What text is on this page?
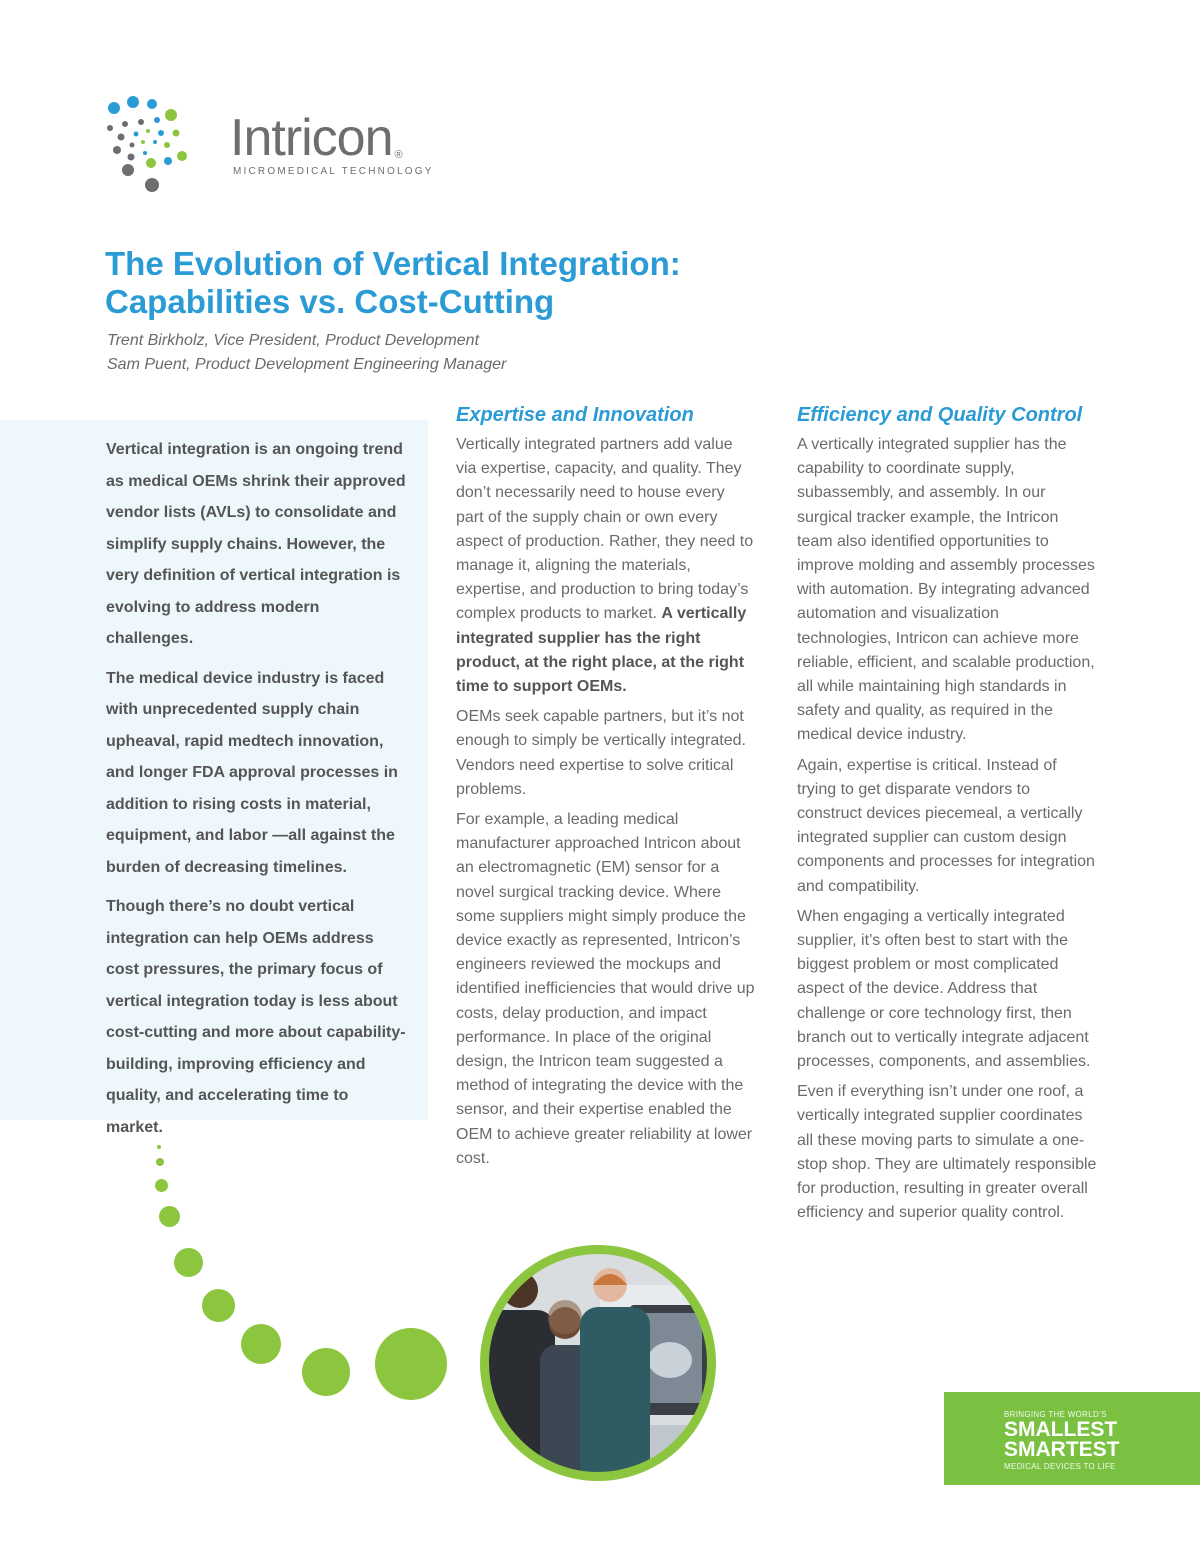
Intricon ®
MICROMEDICAL TECHNOLOGY
The Evolution of Vertical Integration:
Capabilities vs. Cost-Cutting
Trent Birkholz, Vice President, Product Development
Sam Puent, Product Development Engineering Manager

Vertical integration is an ongoing trend as medical OEMs shrink their approved vendor lists (AVLs) to consolidate and simplify supply chains. However, the very definition of vertical integration is evolving to address modern challenges.

The medical device industry is faced with unprecedented supply chain upheaval, rapid medtech innovation, and longer FDA approval processes in addition to rising costs in material, equipment, and labor —all against the burden of decreasing timelines.

Though there’s no doubt vertical integration can help OEMs address cost pressures, the primary focus of vertical integration today is less about cost-cutting and more about capability-building, improving efficiency and quality, and accelerating time to market.

Expertise and Innovation

Vertically integrated partners add value via expertise, capacity, and quality. They don’t necessarily need to house every part of the supply chain or own every aspect of production. Rather, they need to manage it, aligning the materials, expertise, and production to bring today’s complex products to market. A vertically integrated supplier has the right product, at the right place, at the right time to support OEMs.

OEMs seek capable partners, but it’s not enough to simply be vertically integrated. Vendors need expertise to solve critical problems.

For example, a leading medical manufacturer approached Intricon about an electromagnetic (EM) sensor for a novel surgical tracking device. Where some suppliers might simply produce the device exactly as represented, Intricon’s engineers reviewed the mockups and identified inefficiencies that would drive up costs, delay production, and impact performance. In place of the original design, the Intricon team suggested a method of integrating the device with the sensor, and their expertise enabled the OEM to achieve greater reliability at lower cost.

Efficiency and Quality Control

A vertically integrated supplier has the capability to coordinate supply, subassembly, and assembly. In our surgical tracker example, the Intricon team also identified opportunities to improve molding and assembly processes with automation. By integrating advanced automation and visualization technologies, Intricon can achieve more reliable, efficient, and scalable production, all while maintaining high standards in safety and quality, as required in the medical device industry.

Again, expertise is critical. Instead of trying to get disparate vendors to construct devices piecemeal, a vertically integrated supplier can custom design components and processes for integration and compatibility.

When engaging a vertically integrated supplier, it’s often best to start with the biggest problem or most complicated aspect of the device. Address that challenge or core technology first, then branch out to vertically integrate adjacent processes, components, and assemblies.

Even if everything isn’t under one roof, a vertically integrated supplier coordinates all these moving parts to simulate a one-stop shop. They are ultimately responsible for production, resulting in greater overall efficiency and superior quality control.

BRINGING THE WORLD’S
SMALLEST
SMARTEST
MEDICAL DEVICES TO LIFE
